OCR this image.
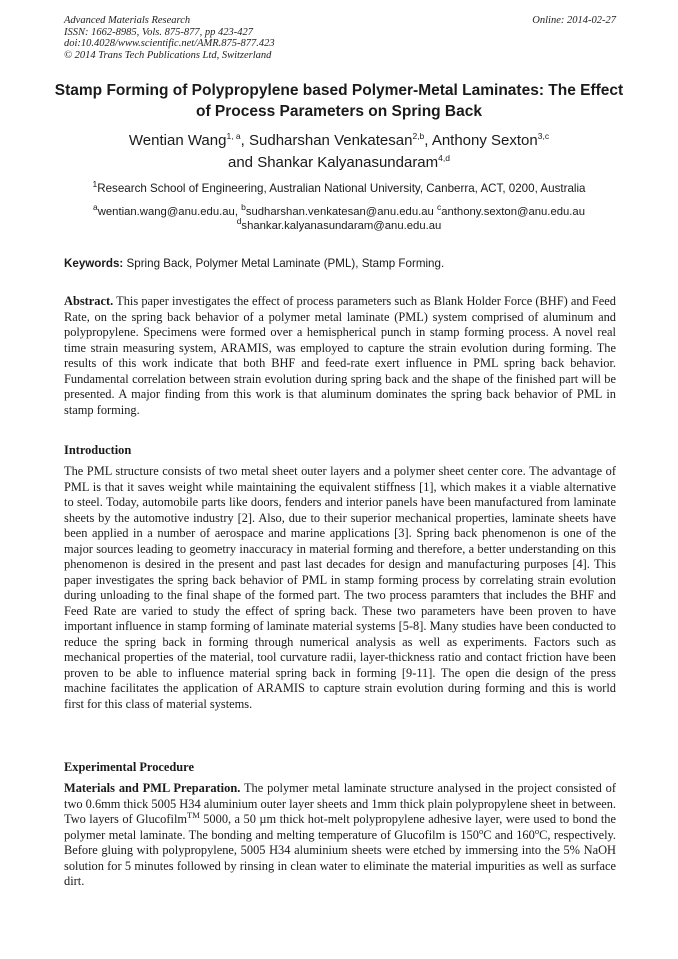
Advanced Materials Research
ISSN: 1662-8985, Vols. 875-877, pp 423-427
doi:10.4028/www.scientific.net/AMR.875-877.423
© 2014 Trans Tech Publications Ltd, Switzerland
Online: 2014-02-27
Stamp Forming of Polypropylene based Polymer-Metal Laminates: The Effect of Process Parameters on Spring Back
Wentian Wang$^{1, a}$, Sudharshan Venkatesan$^{2,b}$, Anthony Sexton$^{3,c}$
and Shankar Kalyanasundaram$^{4,d}$
$^1$Research School of Engineering, Australian National University, Canberra, ACT, 0200, Australia
$^a$wentian.wang@anu.edu.au, $^b$sudharshan.venkatesan@anu.edu.au $^c$anthony.sexton@anu.edu.au
$^d$shankar.kalyanasundaram@anu.edu.au
Keywords: Spring Back, Polymer Metal Laminate (PML), Stamp Forming.

Abstract. This paper investigates the effect of process parameters such as Blank Holder Force (BHF) and Feed Rate, on the spring back behavior of a polymer metal laminate (PML) system comprised of aluminum and polypropylene. Specimens were formed over a hemispherical punch in stamp forming process. A novel real time strain measuring system, ARAMIS, was employed to capture the strain evolution during forming. The results of this work indicate that both BHF and feed-rate exert influence in PML spring back behavior. Fundamental correlation between strain evolution during spring back and the shape of the finished part will be presented. A major finding from this work is that aluminum dominates the spring back behavior of PML in stamp forming.

Introduction

The PML structure consists of two metal sheet outer layers and a polymer sheet center core. The advantage of PML is that it saves weight while maintaining the equivalent stiffness [1], which makes it a viable alternative to steel. Today, automobile parts like doors, fenders and interior panels have been manufactured from laminate sheets by the automotive industry [2]. Also, due to their superior mechanical properties, laminate sheets have been applied in a number of aerospace and marine applications [3]. Spring back phenomenon is one of the major sources leading to geometry inaccuracy in material forming and therefore, a better understanding on this phenomenon is desired in the present and past last decades for design and manufacturing purposes [4]. This paper investigates the spring back behavior of PML in stamp forming process by correlating strain evolution during unloading to the final shape of the formed part. The two process paramters that includes the BHF and Feed Rate are varied to study the effect of spring back. These two parameters have been proven to have important influence in stamp forming of laminate material systems [5-8]. Many studies have been conducted to reduce the spring back in forming through numerical analysis as well as experiments. Factors such as mechanical properties of the material, tool curvature radii, layer-thickness ratio and contact friction have been proven to be able to influence material spring back in forming [9-11]. The open die design of the press machine facilitates the application of ARAMIS to capture strain evolution during forming and this is world first for this class of material systems.

Experimental Procedure

Materials and PML Preparation. The polymer metal laminate structure analysed in the project consisted of two 0.6mm thick 5005 H34 aluminium outer layer sheets and 1mm thick plain polypropylene sheet in between. Two layers of Glucofilm™ 5000, a 50 µm thick hot-melt polypropylene adhesive layer, were used to bond the polymer metal laminate. The bonding and melting temperature of Glucofilm is 150$^o$C and 160$^o$C, respectively. Before gluing with polypropylene, 5005 H34 aluminium sheets were etched by immersing into the 5% NaOH solution for 5 minutes followed by rinsing in clean water to eliminate the material impurities as well as surface dirt.
